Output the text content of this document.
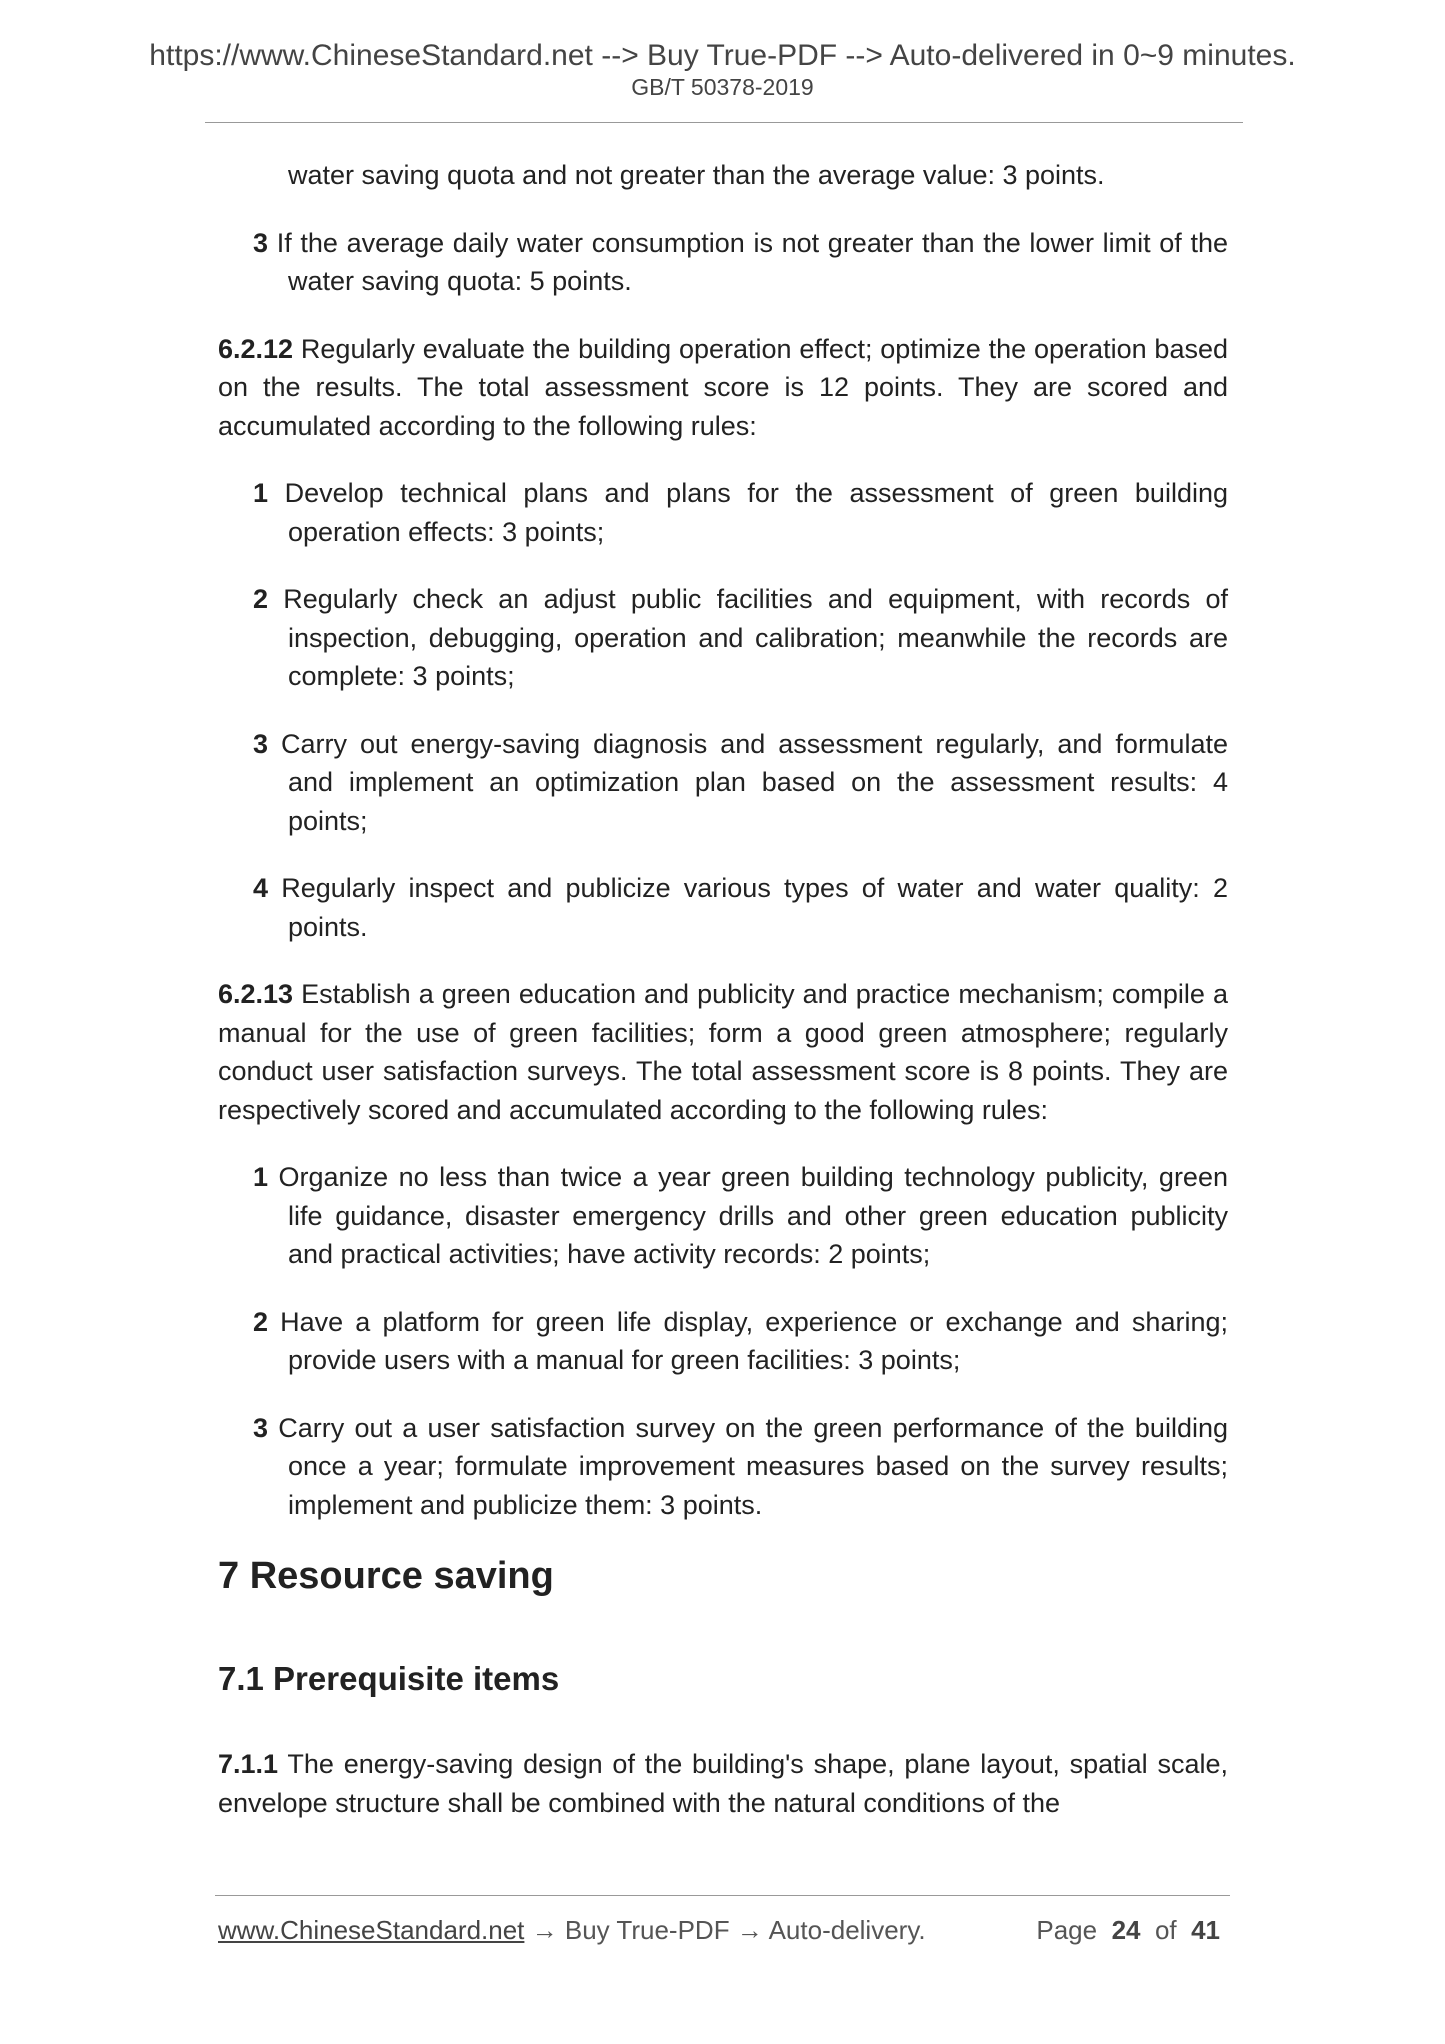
https://www.ChineseStandard.net --> Buy True-PDF --> Auto-delivered in 0~9 minutes.
GB/T 50378-2019

water saving quota and not greater than the average value: 3 points.

3 If the average daily water consumption is not greater than the lower limit of the water saving quota: 5 points.

6.2.12 Regularly evaluate the building operation effect; optimize the operation based on the results. The total assessment score is 12 points. They are scored and accumulated according to the following rules:

1 Develop technical plans and plans for the assessment of green building operation effects: 3 points;

2 Regularly check an adjust public facilities and equipment, with records of inspection, debugging, operation and calibration; meanwhile the records are complete: 3 points;

3 Carry out energy-saving diagnosis and assessment regularly, and formulate and implement an optimization plan based on the assessment results: 4 points;

4 Regularly inspect and publicize various types of water and water quality: 2 points.

6.2.13 Establish a green education and publicity and practice mechanism; compile a manual for the use of green facilities; form a good green atmosphere; regularly conduct user satisfaction surveys. The total assessment score is 8 points. They are respectively scored and accumulated according to the following rules:

1 Organize no less than twice a year green building technology publicity, green life guidance, disaster emergency drills and other green education publicity and practical activities; have activity records: 2 points;

2 Have a platform for green life display, experience or exchange and sharing; provide users with a manual for green facilities: 3 points;

3 Carry out a user satisfaction survey on the green performance of the building once a year; formulate improvement measures based on the survey results; implement and publicize them: 3 points.

7 Resource saving
7.1 Prerequisite items

7.1.1 The energy-saving design of the building's shape, plane layout, spatial scale, envelope structure shall be combined with the natural conditions of the

www.ChineseStandard.net → Buy True-PDF → Auto-delivery.	Page 24 of 41
